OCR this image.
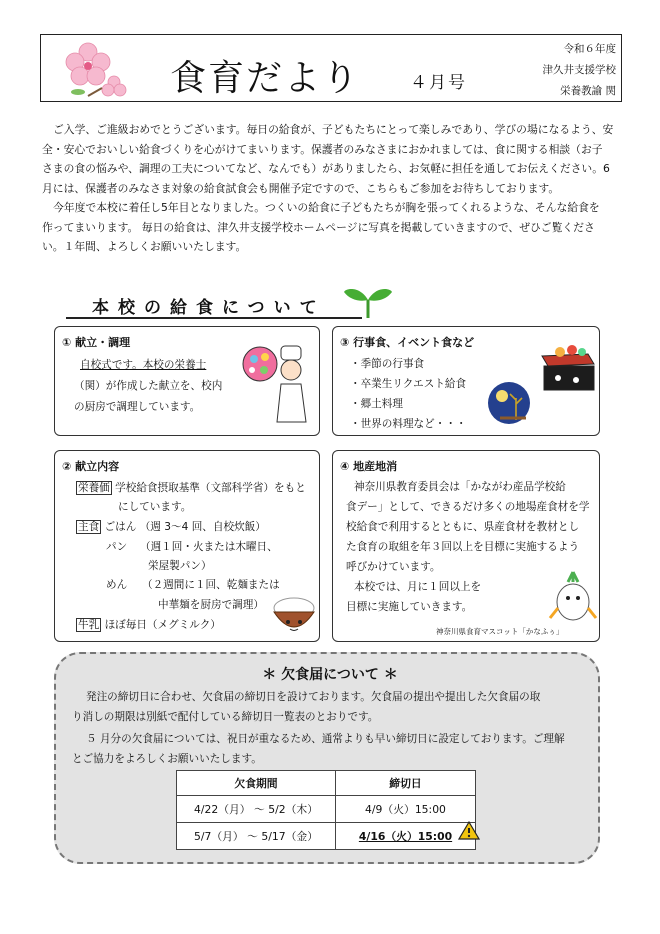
食育だより	４月号
令和６年度
津久井支援学校
栄養教諭 関

ご入学、ご進級おめでとうございます。毎日の給食が、子どもたちにとって楽しみであり、学びの場になるよう、安

全・安心でおいしい給食づくりを心がけてまいります。保護者のみなさまにおかれましては、食に関する相談（お子

さまの食の悩みや、調理の工夫についてなど、なんでも）がありましたら、お気軽に担任を通してお伝えください。6

月には、保護者のみなさま対象の給食試食会も開催予定ですので、こちらもご参加をお待ちしております。

今年度で本校に着任し5年目となりました。つくいの給食に子どもたちが胸を張ってくれるような、そんな給食を

作ってまいります。 毎日の給食は、津久井支援学校ホームページに写真を掲載していきますので、ぜひご覧くださ

い。１年間、よろしくお願いいたします。

本校の給食について
① 献立・調理
自校式です。本校の栄養士
（関）が作成した献立を、校内
の厨房で調理しています。
③ 行事食、イベント食など
・季節の行事食
・卒業生リクエスト給食
・郷土料理
・世界の料理など・・・
② 献立内容
栄養価 学校給食摂取基準（文部科学省）をもと
にしています。
主食 ごはん （週 3～4 回、自校炊飯）
パン （週１回・火または木曜日、
栄屋製パン）
めん （２週間に１回、乾麺または
中華麺を厨房で調理）
牛乳 ほぼ毎日（メグミルク）
④ 地産地消
神奈川県教育委員会は「かながわ産品学校給
食デー」として、できるだけ多くの地場産食材を学
校給食で利用するとともに、県産食材を教材とし
た食育の取組を年３回以上を目標に実施するよう
呼びかけています。
本校では、月に１回以上を
目標に実施していきます。
神奈川県食育マスコット「かなふぅ」
＊ 欠食届について ＊
発注の締切日に合わせ、欠食届の締切日を設けております。欠食届の提出や提出した欠食届の取
り消しの期限は別紙で配付している締切日一覧表のとおりです。
５ 月分の欠食届については、祝日が重なるため、通常よりも早い締切日に設定しております。ご理解
とご協力をよろしくお願いいたします。
欠食期間	締切日
4/22（月） ～ 5/2（木）	4/9（火）15:00
5/7（月） ～ 5/17（金）	4/16（火）15:00
